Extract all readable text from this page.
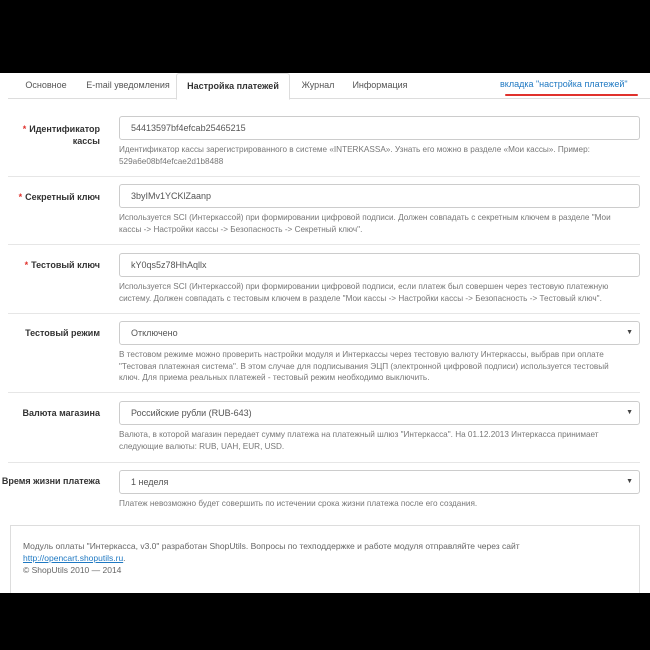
Основное	E-mail уведомления	Настройка платежей	Журнал	Информация	вкладка "настройка платежей"
* Идентификатор кассы
54413597bf4efcab25465215
Идентификатор кассы зарегистрированного в системе «INTERKASSA». Узнать его можно в разделе «Мои кассы». Пример:
529a6e08bf4efcae2d1b8488
* Секретный ключ	3byIMv1YCKlZaanp
Используется SCI (Интеркассой) при формировании цифровой подписи. Должен совпадать с секретным ключем в разделе "Мои
кассы -> Настройки кассы -> Безопасность -> Секретный ключ".
* Тестовый ключ	kY0qs5z78HhAqllx
Используется SCI (Интеркассой) при формировании цифровой подписи, если платеж был совершен через тестовую платежную
систему. Должен совпадать с тестовым ключем в разделе "Мои кассы -> Настройки кассы -> Безопасность -> Тестовый ключ".
Тестовый режим	Отключено	▼
В тестовом режиме можно проверить настройки модуля и Интеркассы через тестовую валюту Интеркассы, выбрав при оплате
"Тестовая платежная система". В этом случае для подписывания ЭЦП (электронной цифровой подписи) используется тестовый
ключ. Для приема реальных платежей - тестовый режим необходимо выключить.
Валюта магазина	Российские рубли (RUB-643)	▼
Валюта, в которой магазин передает сумму платежа на платежный шлюз "Интеркасса". На 01.12.2013 Интеркасса принимает
следующие валюты: RUB, UAH, EUR, USD.
Время жизни платежа	1 неделя	▼
Платеж невозможно будет совершить по истечении срока жизни платежа после его создания.
Модуль оплаты "Интеркасса, v3.0" разработан ShopUtils. Вопросы по техподдержке и работе модуля отправляйте через сайт
http://opencart.shoputils.ru.
© ShopUtils 2010 — 2014
